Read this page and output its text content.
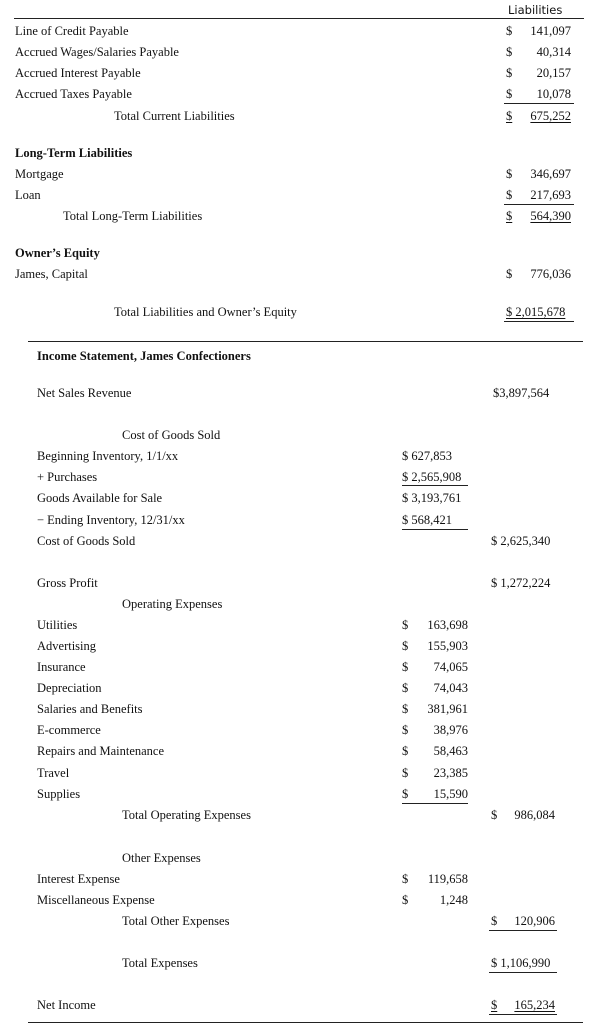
Liabilities
Line of Credit Payable	$ 141,097
Accrued Wages/Salaries Payable	$ 40,314
Accrued Interest Payable	$ 20,157
Accrued Taxes Payable	$ 10,078
Total Current Liabilities	$ 675,252
Long-Term Liabilities
Mortgage	$ 346,697
Loan	$ 217,693
Total Long-Term Liabilities	$ 564,390
Owner’s Equity
James, Capital	$ 776,036
Total Liabilities and Owner’s Equity	$ 2,015,678
Income Statement, James Confectioners
Net Sales Revenue	$3,897,564
Cost of Goods Sold
Beginning Inventory, 1/1/xx	$ 627,853
+ Purchases	$ 2,565,908
Goods Available for Sale	$ 3,193,761
− Ending Inventory, 12/31/xx	$ 568,421
Cost of Goods Sold	$ 2,625,340
Gross Profit	$ 1,272,224
Operating Expenses
Utilities	$ 163,698
Advertising	$ 155,903
Insurance	$ 74,065
Depreciation	$ 74,043
Salaries and Benefits	$ 381,961
E-commerce	$ 38,976
Repairs and Maintenance	$ 58,463
Travel	$ 23,385
Supplies	$ 15,590
Total Operating Expenses	$ 986,084
Other Expenses
Interest Expense	$ 119,658
Miscellaneous Expense	$	1,248
Total Other Expenses	$ 120,906
Total Expenses	$ 1,106,990
Net Income	$ 165,234
